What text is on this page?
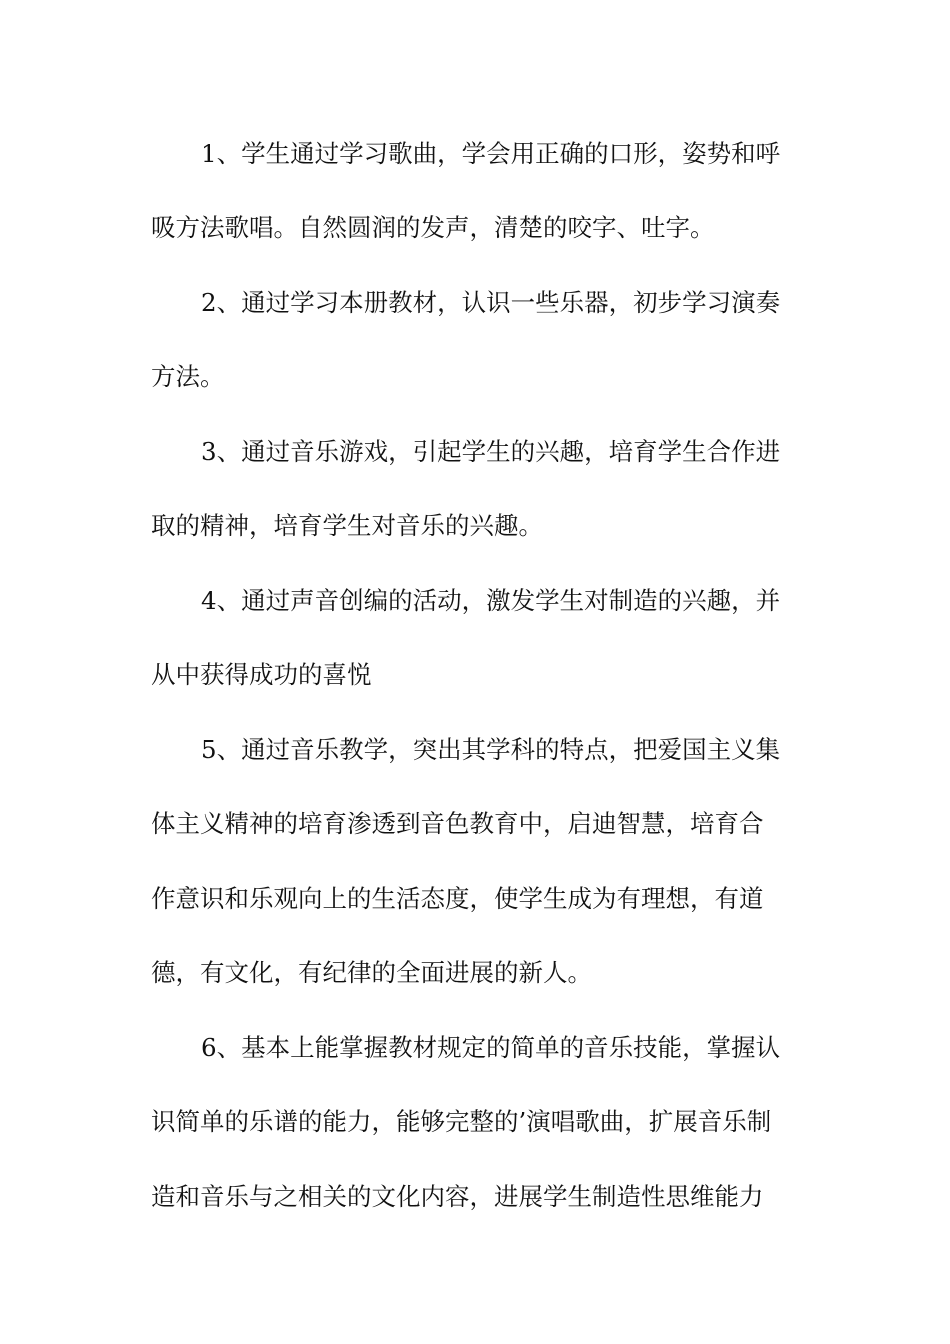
1、学生通过学习歌曲，学会用正确的口形，姿势和呼
吸方法歌唱。自然圆润的发声，清楚的咬字、吐字。
2、通过学习本册教材，认识一些乐器，初步学习演奏
方法。
3、通过音乐游戏，引起学生的兴趣，培育学生合作进
取的精神，培育学生对音乐的兴趣。
4、通过声音创编的活动，激发学生对制造的兴趣，并
从中获得成功的喜悦
5、通过音乐教学，突出其学科的特点，把爱国主义集
体主义精神的培育渗透到音色教育中，启迪智慧，培育合
作意识和乐观向上的生活态度，使学生成为有理想，有道
德，有文化，有纪律的全面进展的新人。
6、基本上能掌握教材规定的简单的音乐技能，掌握认
识简单的乐谱的能力，能够完整的’演唱歌曲，扩展音乐制
造和音乐与之相关的文化内容，进展学生制造性思维能力
